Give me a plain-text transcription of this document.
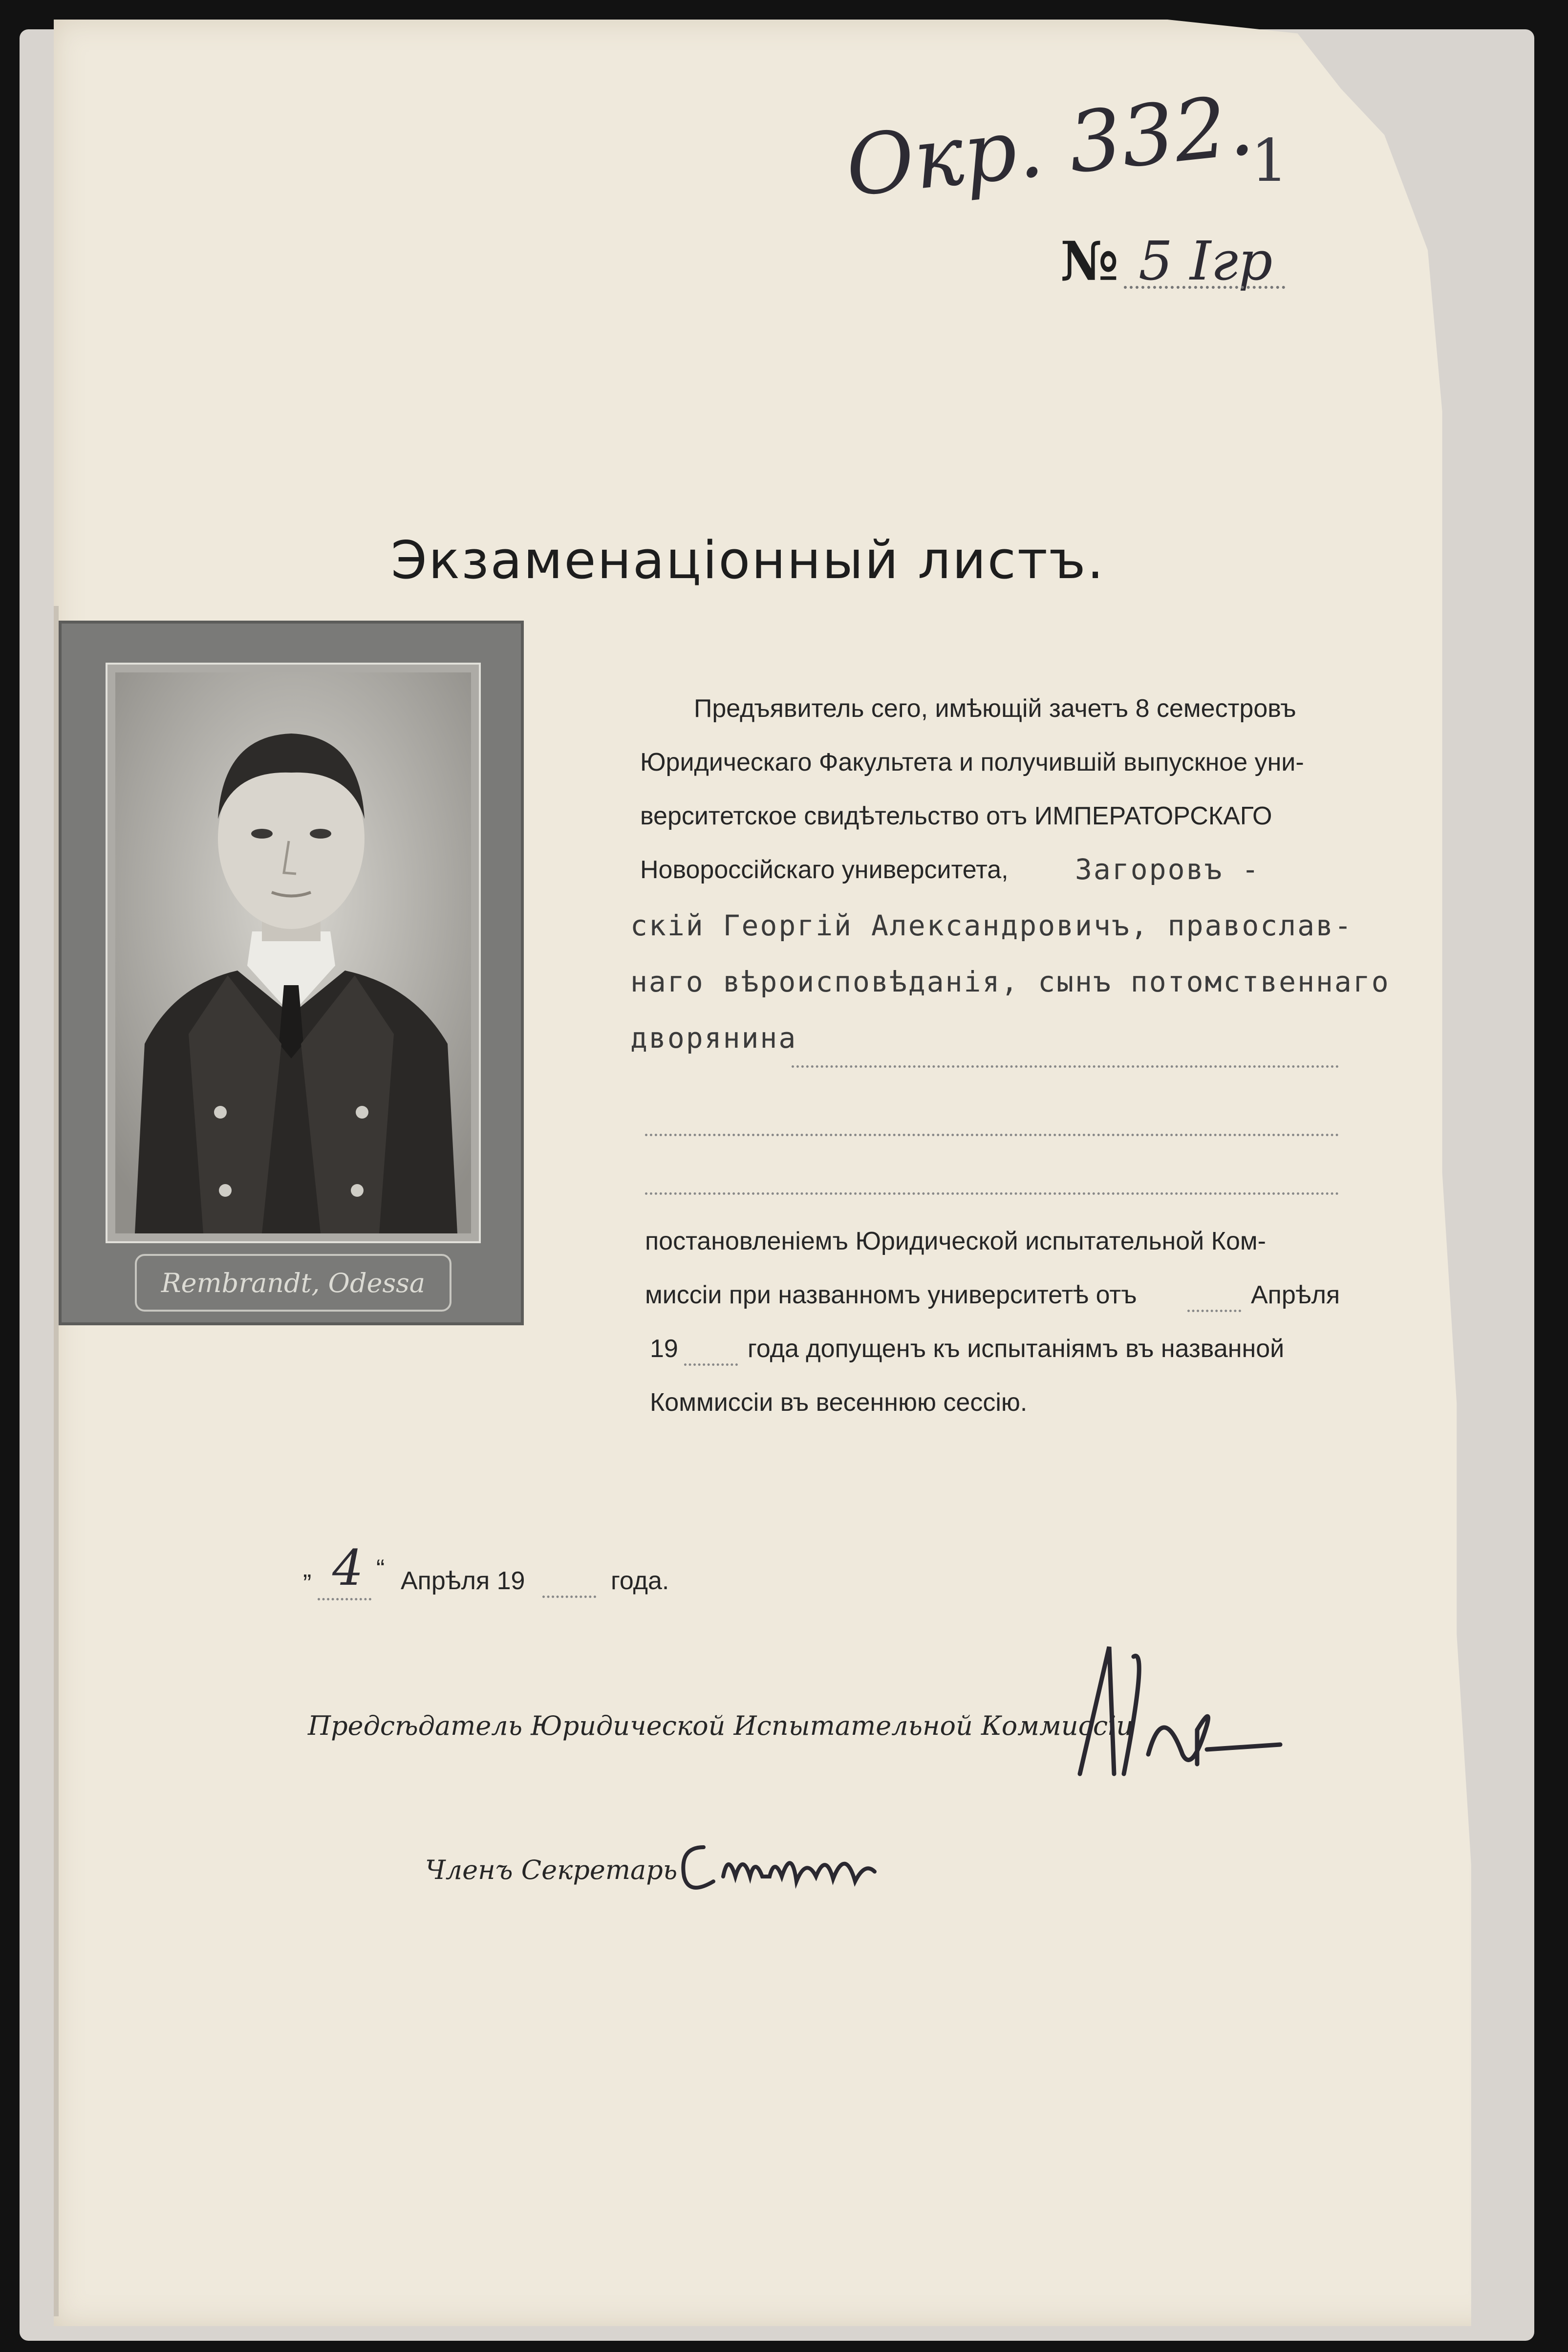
Окр. 332.
1
№ 5 Iгр
Экзаменацiонный листъ.
Rembrandt, Odessa
Предъявитель сего, имѣющiй зачетъ 8 семестровъ
Юридическаго Факультета и получившiй выпускное уни-
верситетское свидѣтельство отъ ИМПЕРАТОРСКАГО
Новороссiйскаго университета, Загоровъ -
скiй Георгiй Александровичъ, православ-
наго вѣроисповѣданiя, сынъ потомственнаго
дворянина
постановленiемъ Юридической испытательной Ком-
миссiи при названномъ университетѣ отъ	Апрѣля
19	года допущенъ къ испытанiямъ въ названной
Коммиссiи въ весеннюю сессiю.
„ 4 “ Апрѣля 19	года.
Предсѣдатель Юридической Испытательной Коммиссiи
Членъ Секретарь
